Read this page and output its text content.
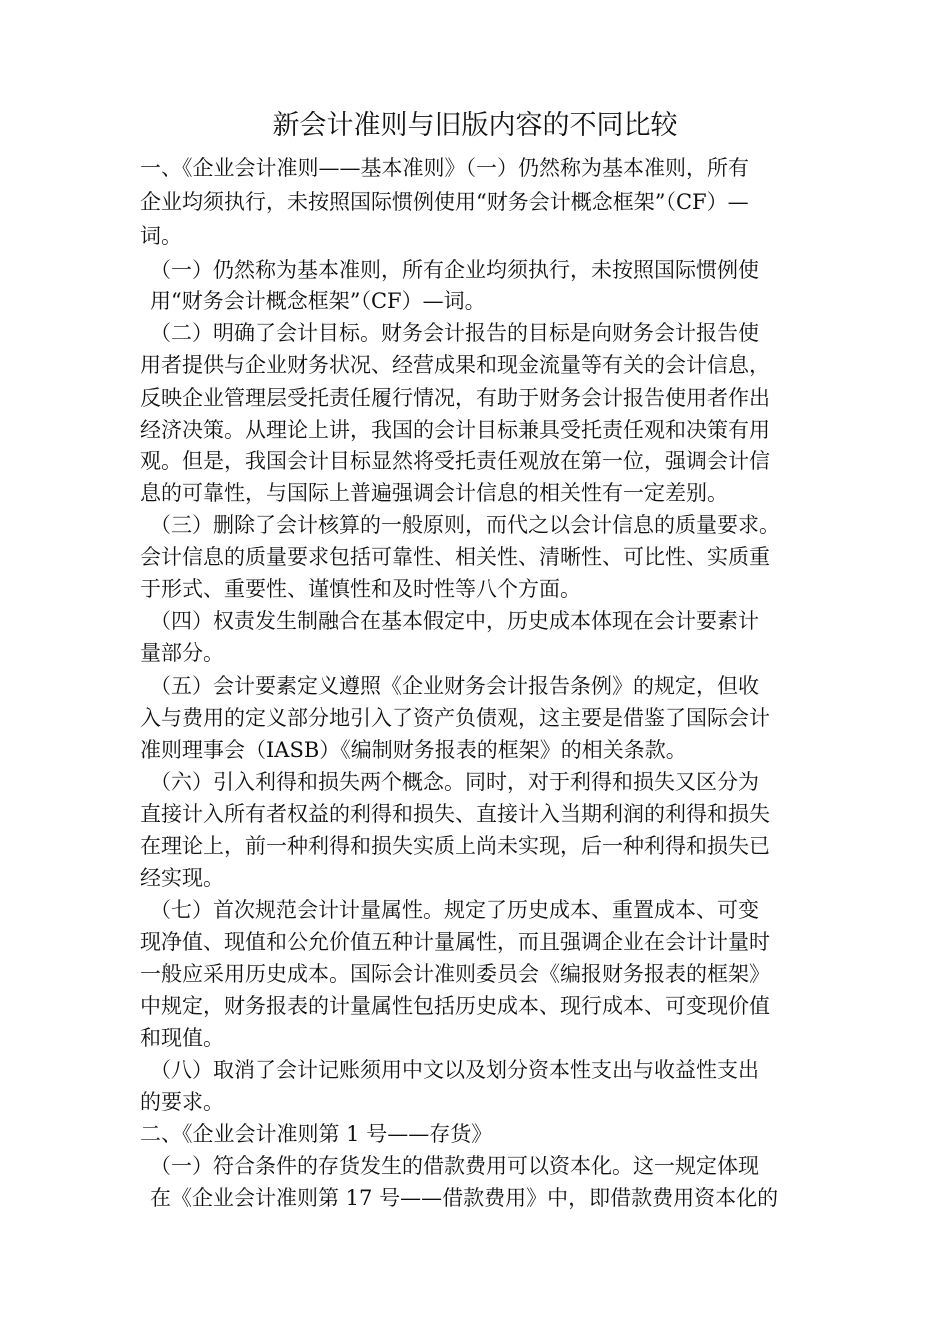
新会计准则与旧版内容的不同比较
一、《企业会计准则——基本准则》（一）仍然称为基本准则，所有
企业均须执行，未按照国际惯例使用“财务会计概念框架”（CF）—
词。
（一）仍然称为基本准则，所有企业均须执行，未按照国际惯例使
用“财务会计概念框架”（CF）—词。
（二）明确了会计目标。财务会计报告的目标是向财务会计报告使
用者提供与企业财务状况、经营成果和现金流量等有关的会计信息，
反映企业管理层受托责任履行情况，有助于财务会计报告使用者作出
经济决策。从理论上讲，我国的会计目标兼具受托责任观和决策有用
观。但是，我国会计目标显然将受托责任观放在第一位，强调会计信
息的可靠性，与国际上普遍强调会计信息的相关性有一定差别。
（三）删除了会计核算的一般原则，而代之以会计信息的质量要求。
会计信息的质量要求包括可靠性、相关性、清晰性、可比性、实质重
于形式、重要性、谨慎性和及时性等八个方面。
（四）权责发生制融合在基本假定中，历史成本体现在会计要素计
量部分。
（五）会计要素定义遵照《企业财务会计报告条例》的规定，但收
入与费用的定义部分地引入了资产负债观，这主要是借鉴了国际会计
准则理事会（IASB）《编制财务报表的框架》的相关条款。
（六）引入利得和损失两个概念。同时，对于利得和损失又区分为
直接计入所有者权益的利得和损失、直接计入当期利润的利得和损失
在理论上，前一种利得和损失实质上尚未实现，后一种利得和损失已
经实现。
（七）首次规范会计计量属性。规定了历史成本、重置成本、可变
现净值、现值和公允价值五种计量属性，而且强调企业在会计计量时
一般应采用历史成本。国际会计准则委员会《编报财务报表的框架》
中规定，财务报表的计量属性包括历史成本、现行成本、可变现价值
和现值。
（八）取消了会计记账须用中文以及划分资本性支出与收益性支出
的要求。
二、《企业会计准则第 1 号——存货》
（一）符合条件的存货发生的借款费用可以资本化。这一规定体现
在《企业会计准则第 17 号——借款费用》中，即借款费用资本化的
